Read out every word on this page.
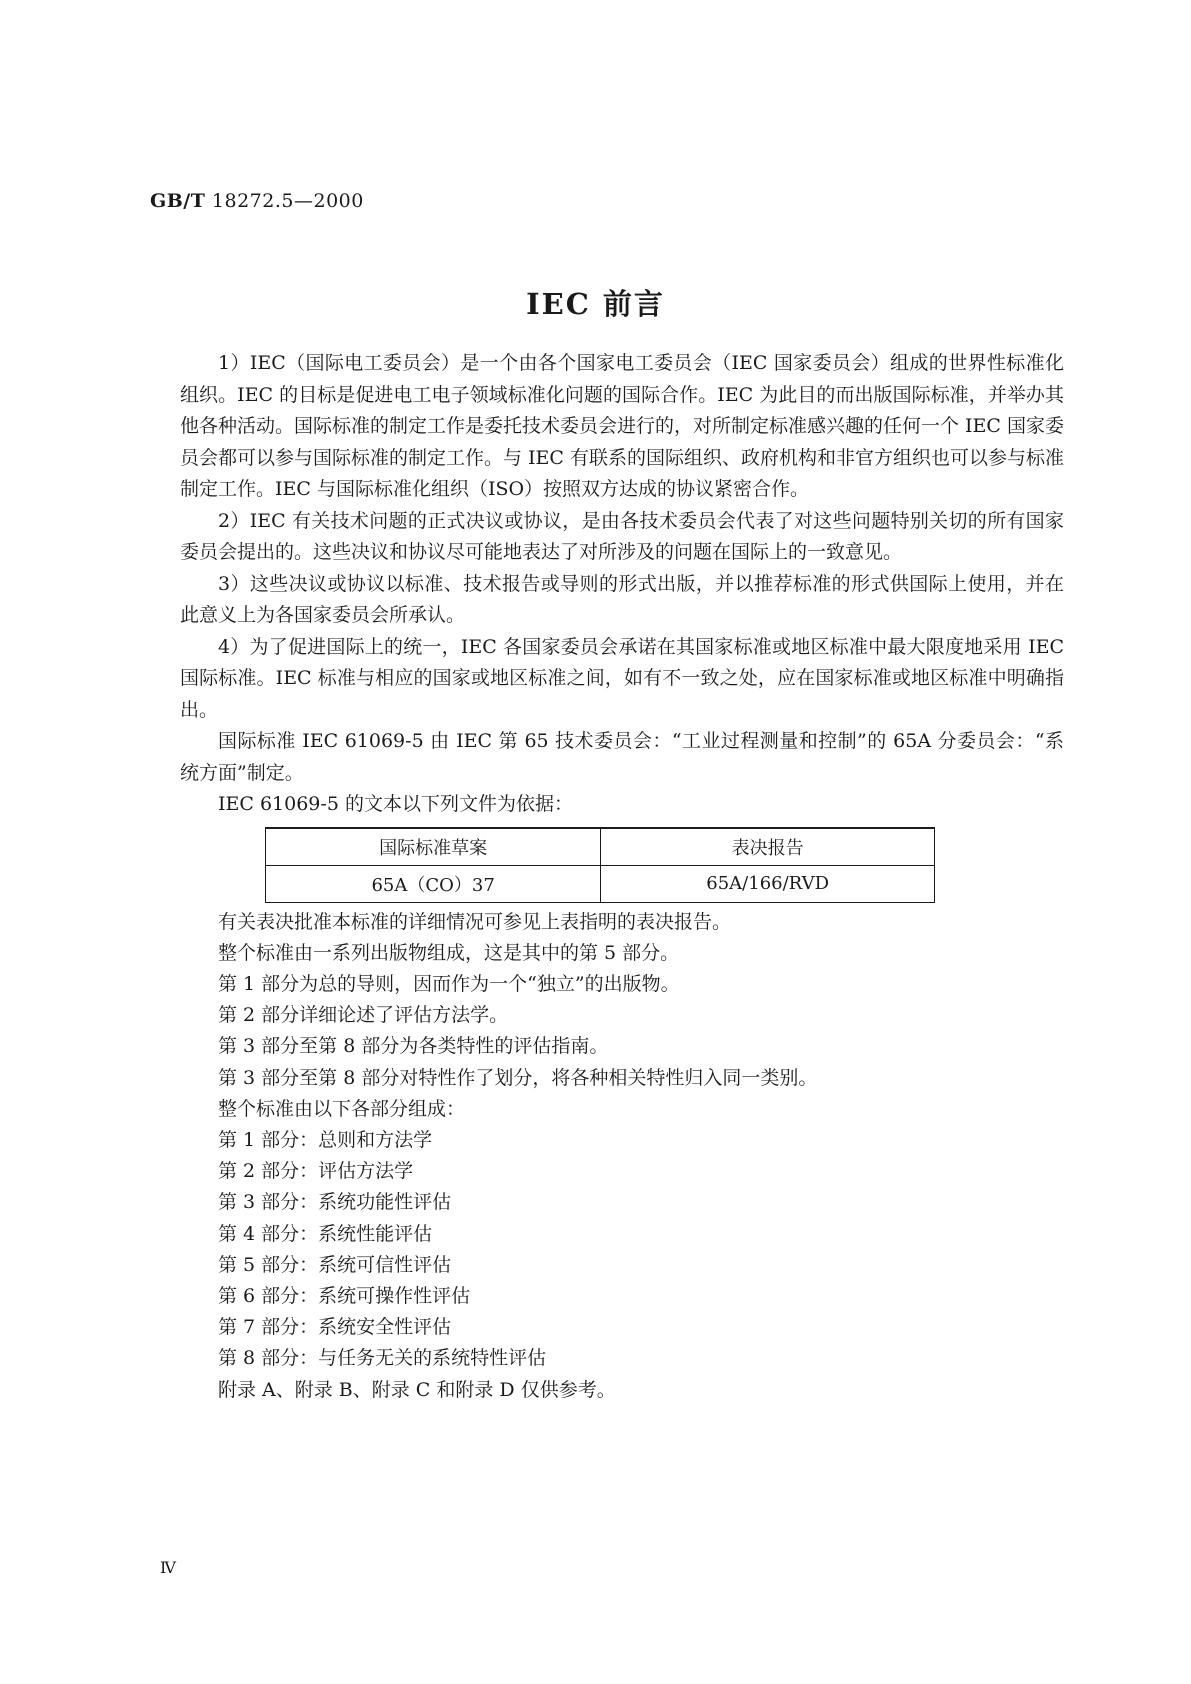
GB/T 18272.5—2000
IEC 前言

1）IEC（国际电工委员会）是一个由各个国家电工委员会（IEC 国家委员会）组成的世界性标准化组织。IEC 的目标是促进电工电子领域标准化问题的国际合作。IEC 为此目的而出版国际标准，并举办其他各种活动。国际标准的制定工作是委托技术委员会进行的，对所制定标准感兴趣的任何一个 IEC 国家委员会都可以参与国际标准的制定工作。与 IEC 有联系的国际组织、政府机构和非官方组织也可以参与标准制定工作。IEC 与国际标准化组织（ISO）按照双方达成的协议紧密合作。

2）IEC 有关技术问题的正式决议或协议，是由各技术委员会代表了对这些问题特别关切的所有国家委员会提出的。这些决议和协议尽可能地表达了对所涉及的问题在国际上的一致意见。

3）这些决议或协议以标准、技术报告或导则的形式出版，并以推荐标准的形式供国际上使用，并在此意义上为各国家委员会所承认。

4）为了促进国际上的统一，IEC 各国家委员会承诺在其国家标准或地区标准中最大限度地采用 IEC 国际标准。IEC 标准与相应的国家或地区标准之间，如有不一致之处，应在国家标准或地区标准中明确指出。

国际标准 IEC 61069-5 由 IEC 第 65 技术委员会：“工业过程测量和控制”的 65A 分委员会：“系统方面”制定。

IEC 61069-5 的文本以下列文件为依据：

国际标准草案	表决报告
65A（CO）37	65A/166/RVD
有关表决批准本标准的详细情况可参见上表指明的表决报告。
整个标准由一系列出版物组成，这是其中的第 5 部分。
第 1 部分为总的导则，因而作为一个“独立”的出版物。
第 2 部分详细论述了评估方法学。
第 3 部分至第 8 部分为各类特性的评估指南。
第 3 部分至第 8 部分对特性作了划分，将各种相关特性归入同一类别。
整个标准由以下各部分组成：
第 1 部分：总则和方法学
第 2 部分：评估方法学
第 3 部分：系统功能性评估
第 4 部分：系统性能评估
第 5 部分：系统可信性评估
第 6 部分：系统可操作性评估
第 7 部分：系统安全性评估
第 8 部分：与任务无关的系统特性评估
附录 A、附录 B、附录 C 和附录 D 仅供参考。
Ⅳ
